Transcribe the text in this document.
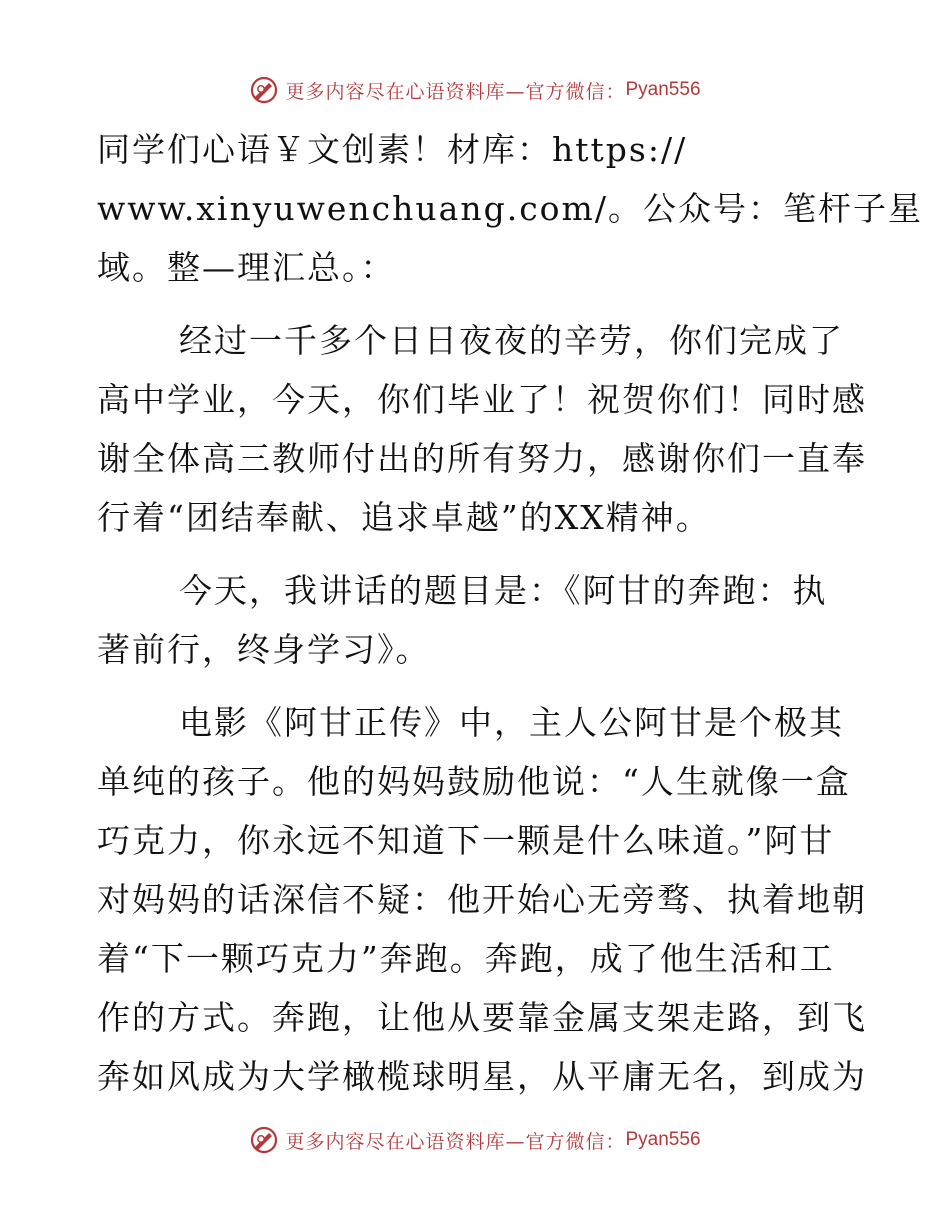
更多内容尽在心语资料库—官方微信： Pyan556
同学们心语￥文创素！材库：https://
www.xinyuwenchuang.com/。公众号：笔杆子星
域。整—理汇总。：
经过一千多个日日夜夜的辛劳，你们完成了
高中学业，今天，你们毕业了！祝贺你们！同时感
谢全体高三教师付出的所有努力，感谢你们一直奉
行着“团结奉献、追求卓越”的XX精神。
今天，我讲话的题目是：《阿甘的奔跑：执
著前行，终身学习》。
电影《阿甘正传》中，主人公阿甘是个极其
单纯的孩子。他的妈妈鼓励他说：“人生就像一盒
巧克力，你永远不知道下一颗是什么味道。”阿甘
对妈妈的话深信不疑：他开始心无旁骛、执着地朝
着“下一颗巧克力”奔跑。奔跑，成了他生活和工
作的方式。奔跑，让他从要靠金属支架走路，到飞
奔如风成为大学橄榄球明星，从平庸无名，到成为
更多内容尽在心语资料库—官方微信： Pyan556
